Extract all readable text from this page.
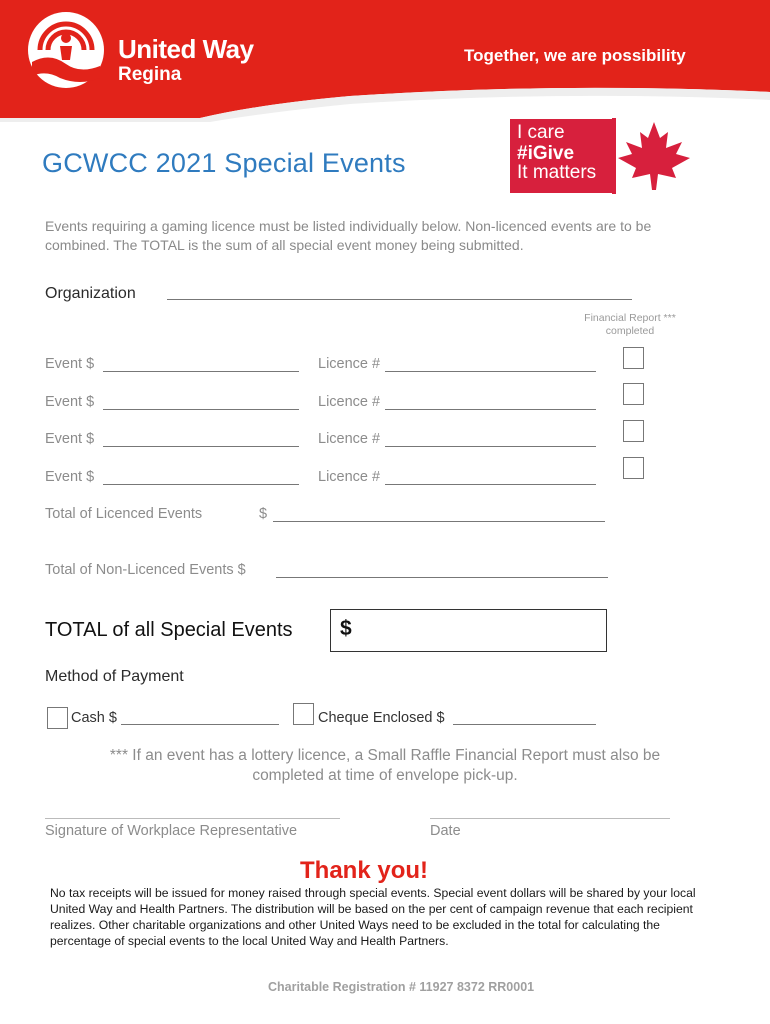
United Way
Regina
Together, we are possibility
GCWCC 2021 Special Events
I care
#iGive
It matters
Events requiring a gaming licence must be listed individually below. Non-licenced events are to be combined. The TOTAL is the sum of all special event money being submitted.
Organization
Financial Report *** completed
Event $	Licence #
Event $	Licence #
Event $	Licence #
Event $	Licence #
Total of Licenced Events	$
Total of Non-Licenced Events $
TOTAL of all Special Events $
Method of Payment
Cash $	Cheque Enclosed $
*** If an event has a lottery licence, a Small Raffle Financial Report must also be completed at time of envelope pick-up.
Signature of Workplace Representative	Date
Thank you!
No tax receipts will be issued for money raised through special events. Special event dollars will be shared by your local United Way and Health Partners. The distribution will be based on the per cent of campaign revenue that each recipient realizes. Other charitable organizations and other United Ways need to be excluded in the total for calculating the percentage of special events to the local United Way and Health Partners.
Charitable Registration # 11927 8372 RR0001
